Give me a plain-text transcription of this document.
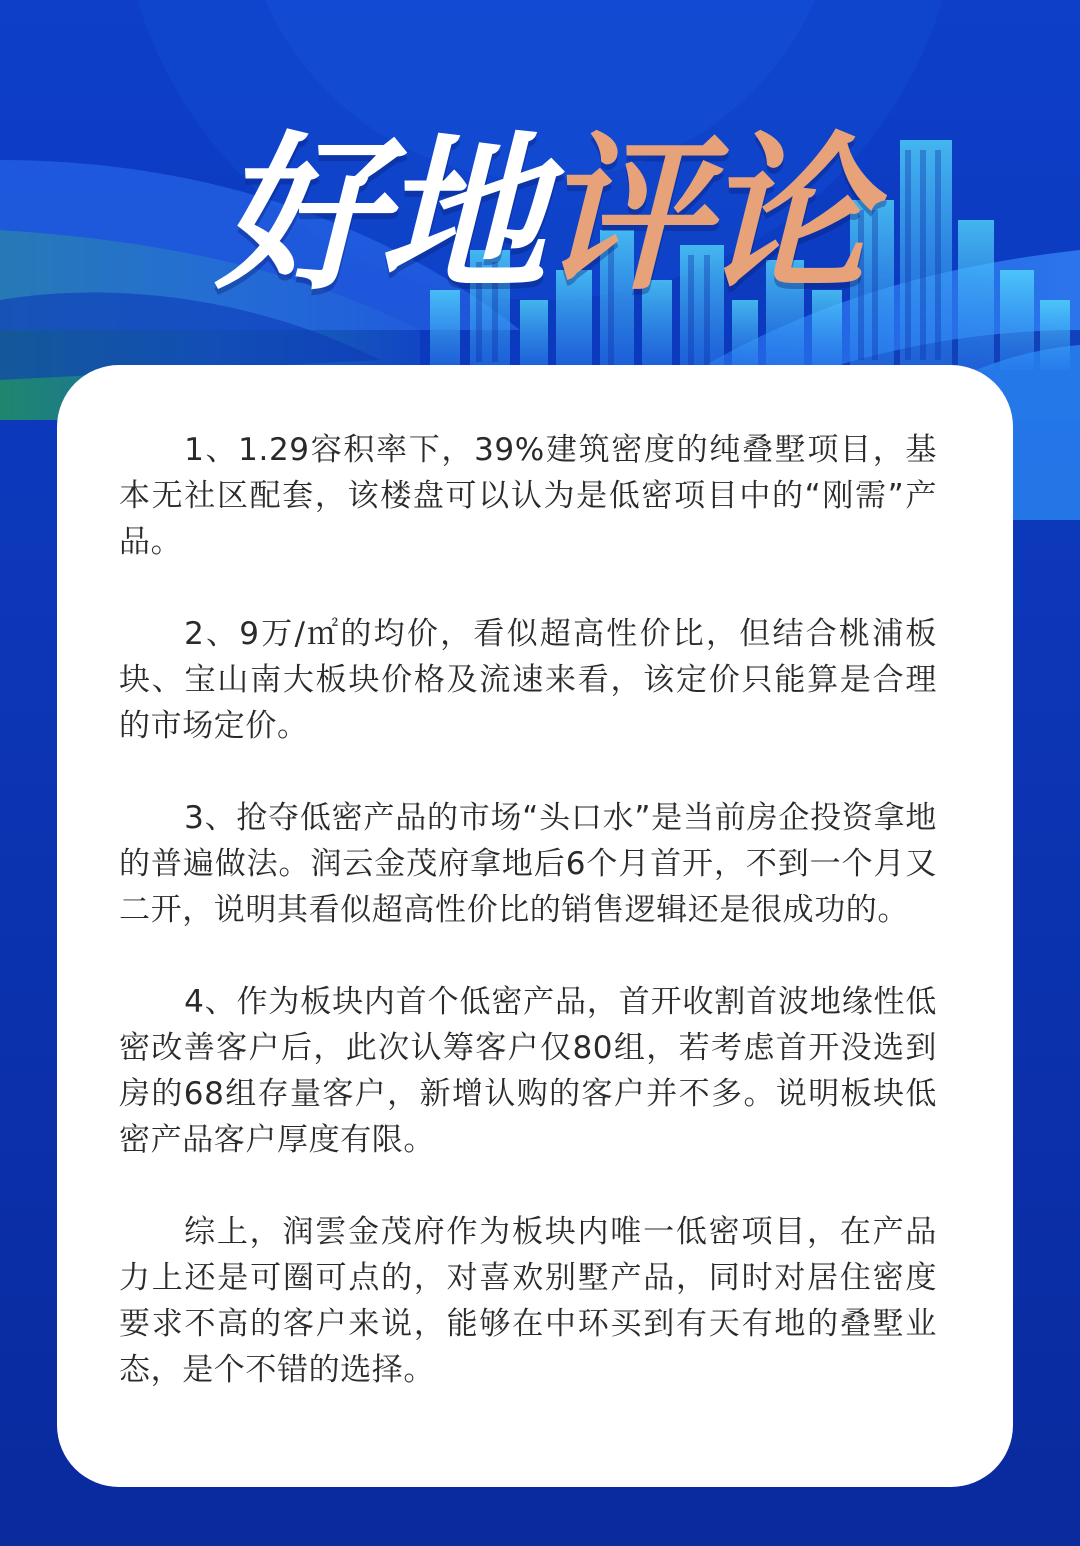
好地评论

1、1.29容积率下，39%建筑密度的纯叠墅项目，基本无社区配套，该楼盘可以认为是低密项目中的“刚需”产品。

2、9万/㎡的均价，看似超高性价比，但结合桃浦板块、宝山南大板块价格及流速来看，该定价只能算是合理的市场定价。

3、抢夺低密产品的市场“头口水”是当前房企投资拿地的普遍做法。润云金茂府拿地后6个月首开，不到一个月又二开，说明其看似超高性价比的销售逻辑还是很成功的。

4、作为板块内首个低密产品，首开收割首波地缘性低密改善客户后，此次认筹客户仅80组，若考虑首开没选到房的68组存量客户，新增认购的客户并不多。说明板块低密产品客户厚度有限。

综上，润雲金茂府作为板块内唯一低密项目，在产品力上还是可圈可点的，对喜欢别墅产品，同时对居住密度要求不高的客户来说，能够在中环买到有天有地的叠墅业态，是个不错的选择。
